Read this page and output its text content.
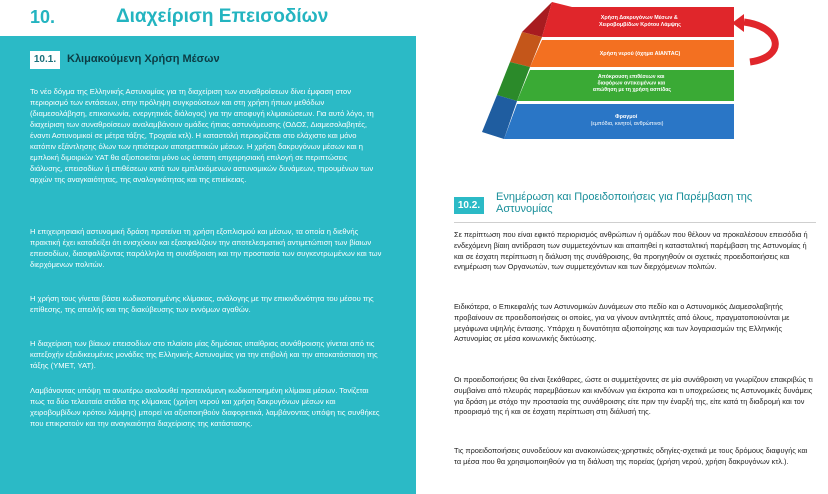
10.	Διαχείριση Επεισοδίων
10.1. Κλιμακούμενη Χρήση Μέσων

Το νέο δόγμα της Ελληνικής Αστυνομίας για τη διαχείριση των συναθροίσεων δίνει έμφαση στον περιορισμό των εντάσεων, στην πρόληψη συγκρούσεων και στη χρήση ήπιων μεθόδων (διαμεσολάβηση, επικοινωνία, ενεργητικός διάλογος) για την αποφυγή κλιμακώσεων. Για αυτό λόγο, τη διαχείριση των συναθροίσεων αναλαμβάνουν ομάδες ήπιας αστυνόμευσης (ΟΔΟΣ, Διαμεσολαβητές, έναντι Αστυνομικοί σε μέτρα τάξης, Τροχαία κτλ). Η καταστολή περιορίζεται στο ελάχιστο και μόνο κατόπιν εξάντλησης όλων των ηπιότερων αποτρεπτικών μέσων. Η χρήση δακρυγόνων μέσων και η εμπλοκή διμοιριών ΥΑΤ θα αξιοποιείται μόνο ως ύστατη επιχειρησιακή επιλογή σε περιπτώσεις διάλυσης, επεισοδίων ή επιθέσεων κατά των εμπλεκόμενων αστυνομικών δυνάμεων, τηρουμένων των αρχών της αναγκαιότητας, της αναλογικότητας και της επιείκειας.

Η επιχειρησιακή αστυνομική δράση προτείνει τη χρήση εξοπλισμού και μέσων, τα οποία η διεθνής πρακτική έχει καταδείξει ότι ενισχύουν και εξασφαλίζουν την αποτελεσματική αντιμετώπιση των βίαιων επεισοδίων, διασφαλίζοντας παράλληλα τη συνάθροιση και την προστασία των συγκεντρωμένων και των διερχόμενων πολιτών.

Η χρήση τους γίνεται βάσει κωδικοποιημένης κλίμακας, ανάλογης με την επικινδυνότητα του μέσου της επίθεσης, της απειλής και της διακύβευσης των εννόμων αγαθών.

Η διαχείριση των βίαιων επεισοδίων στο πλαίσιο μίας δημόσιας υπαίθριας συνάθροισης γίνεται από τις κατεξοχήν εξειδικευμένες μονάδες της Ελληνικής Αστυνομίας για την επιβολή και την αποκατάσταση της τάξης (ΥΜΕΤ, ΥΑΤ).

Λαμβάνοντας υπόψη τα ανωτέρω ακολουθεί προτεινόμενη κωδικοποιημένη κλίμακα μέσων. Τονίζεται πως τα δύο τελευταία στάδια της κλίμακας (χρήση νερού και χρήση δακρυγόνων μέσων και χειροβομβίδων κρότου λάμψης) μπορεί να αξιοποιηθούν διαφορετικά, λαμβάνοντας υπόψη τις συνθήκες που επικρατούν και την αναγκαιότητα διαχείρισης της κατάστασης.

Χρήση Δακρυγόνων Μέσων & Χειροβομβίδων Κρότου Λάμψης
Χρήση νερού (όχημα AIANTAC)
Απόκρουση επιθέσεων και διαφόρων αντικειμένων και απώθηση με τη χρήση ασπίδας
Φραγμοί (εμπόδια, κινητοί, ανθρώπινοι)
10.2.
Ενημέρωση και Προειδοποιήσεις για Παρέμβαση της Αστυνομίας

Σε περίπτωση που είναι εφικτό περιορισμός ανθρώπων ή ομάδων που θέλουν να προκαλέσουν επεισόδια ή ενδεχόμενη βίαιη αντίδραση των συμμετεχόντων και απαιτηθεί η κατασταλτική παρέμβαση της Αστυνομίας ή και σε έσχατη περίπτωση η διάλυση της συνάθροισης, θα προηγηθούν οι σχετικές προειδοποιήσεις και ενημέρωση των Οργανωτών, των συμμετεχόντων και των διερχόμενων πολιτών.

Ειδικότερα, ο Επικεφαλής των Αστυνομικών Δυνάμεων στο πεδίο και ο Αστυνομικός Διαμεσολαβητής προβαίνουν σε προειδοποιήσεις οι οποίες, για να γίνουν αντιληπτές από όλους, πραγματοποιούνται με μεγάφωνα υψηλής έντασης. Υπάρχει η δυνατότητα αξιοποίησης και των λογαριασμών της Ελληνικής Αστυνομίας σε μέσα κοινωνικής δικτύωσης.

Οι προειδοποιήσεις θα είναι ξεκάθαρες, ώστε οι συμμετέχοντες σε μία συνάθροιση να γνωρίζουν επακριβώς τι συμβαίνει από πλευράς παρεμβάσεων και κινδύνων για έκτροπα και τι υποχρεώσεις τις Αστυνομικές δυνάμεις για δράση με στόχο την προστασία της συνάθροισης είτε πριν την έναρξή της, είτε κατά τη διαδρομή και τον προορισμό της ή και σε έσχατη περίπτωση στη διάλυσή της.

Τις προειδοποιήσεις συνοδεύουν και ανακοινώσεις-χρηστικές οδηγίες-σχετικά με τους δρόμους διαφυγής και τα μέσα που θα χρησιμοποιηθούν για τη διάλυση της πορείας (χρήση νερού, χρήση δακρυγόνων κτλ.).
